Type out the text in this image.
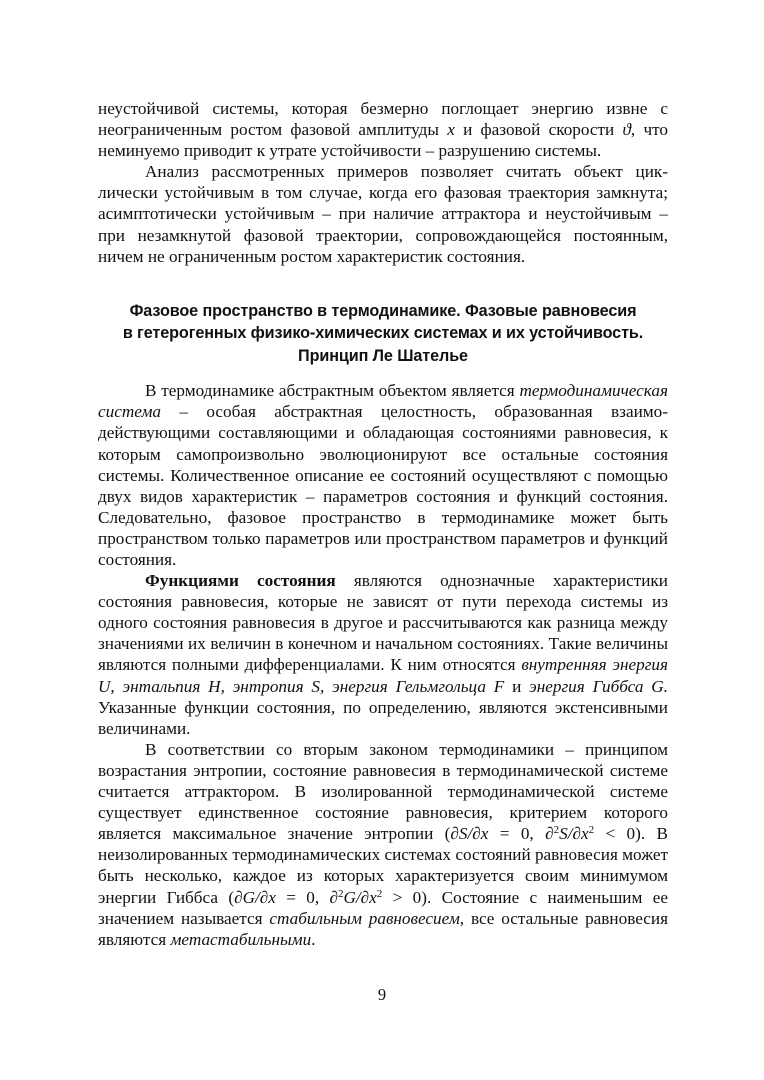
неустойчивой системы, которая безмерно поглощает энергию извне с неограниченным ростом фазовой амплитуды x и фазовой скорости ϑ, что неминуемо приводит к утрате устойчивости – разрушению системы.

Анализ рассмотренных примеров позволяет считать объект циклически устойчивым в том случае, когда его фазовая траектория замкнута; асимптотически устойчивым – при наличие аттрактора и неустойчивым – при незамкнутой фазовой траектории, сопровождающейся постоянным, ничем не ограниченным ростом характеристик состояния.

Фазовое пространство в термодинамике. Фазовые равновесия
в гетерогенных физико-химических системах и их устойчивость.
Принцип Ле Шателье

В термодинамике абстрактным объектом является термодинамическая система – особая абстрактная целостность, образованная взаимодействующими составляющими и обладающая состояниями равновесия, к которым самопроизвольно эволюционируют все остальные состояния системы. Количественное описание ее состояний осуществляют с помощью двух видов характеристик – параметров состояния и функций состояния. Следовательно, фазовое пространство в термодинамике может быть пространством только параметров или пространством параметров и функций состояния.

Функциями состояния являются однозначные характеристики состояния равновесия, которые не зависят от пути перехода системы из одного состояния равновесия в другое и рассчитываются как разница между значениями их величин в конечном и начальном состояниях. Такие величины являются полными дифференциалами. К ним относятся внутренняя энергия U, энтальпия H, энтропия S, энергия Гельмгольца F и энергия Гиббса G. Указанные функции состояния, по определению, являются экстенсивными величинами.

В соответствии со вторым законом термодинамики – принципом возрастания энтропии, состояние равновесия в термодинамической системе считается аттрактором. В изолированной термодинамической системе существует единственное состояние равновесия, критерием которого является максимальное значение энтропии (∂S/∂x = 0, $\partial^2S/\partial x^2 < 0$). В неизолированных термодинамических системах состояний равновесия может быть несколько, каждое из которых характеризуется своим минимумом энергии Гиббса (∂G/∂x = 0, $\partial^2G/\partial x^2 > 0$). Состояние с наименьшим ее значением называется стабильным равновесием, все остальные равновесия являются метастабильными.

9
